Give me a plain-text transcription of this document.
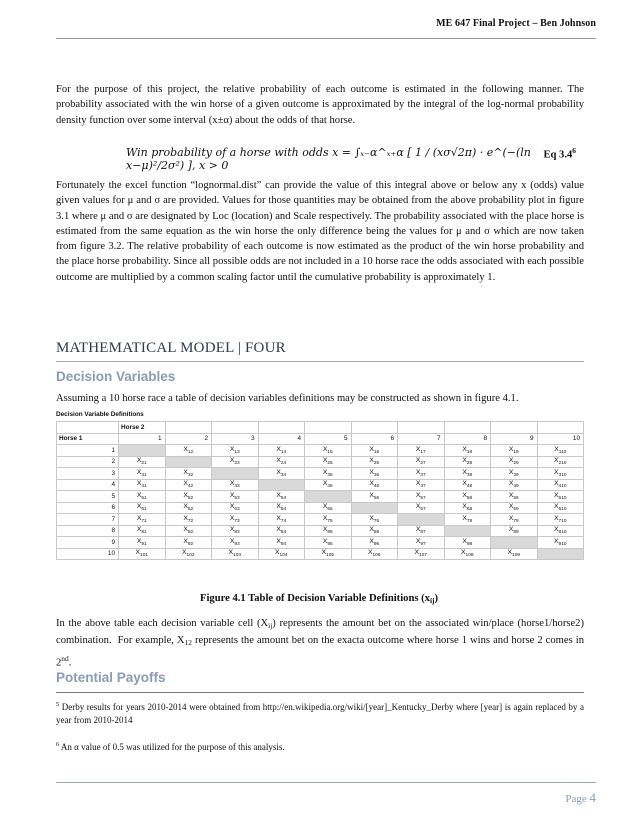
ME 647 Final Project – Ben Johnson

For the purpose of this project, the relative probability of each outcome is estimated in the following manner. The probability associated with the win horse of a given outcome is approximated by the integral of the log-normal probability density function over some interval (x±α) about the odds of that horse.

Win probability of a horse with odds x = ∫ₓ₋α^ₓ₊α [ 1 / (xσ√2π) · e^(−(ln x−μ)²/2σ²) ], x > 0
Eq $3.4^6$

Fortunately the excel function “lognormal.dist” can provide the value of this integral above or below any x (odds) value given values for μ and σ are provided. Values for those quantities may be obtained from the above probability plot in figure 3.1 where μ and σ are designated by Loc (location) and Scale respectively. The probability associated with the place horse is estimated from the same equation as the win horse the only difference being the values for μ and σ which are now taken from figure 3.2. The relative probability of each outcome is now estimated as the product of the win horse probability and the place horse probability. Since all possible odds are not included in a 10 horse race the odds associated with each possible outcome are multiplied by a common scaling factor until the cumulative probability is approximately 1.

MATHEMATICAL MODEL | FOUR
Decision Variables

Assuming a 10 horse race a table of decision variables definitions may be constructed as shown in figure 4.1.

Decision Variable Definitions
	Horse 2									
Horse 1	1	2	3	4	5	6	7	8	9	10
1		$X_{12}$	$X_{13}$	$X_{14}$	$X_{15}$	$X_{16}$	$X_{17}$	$X_{18}$	$X_{19}$	$X_{110}$
2	$X_{21}$		$X_{23}$	$X_{24}$	$X_{25}$	$X_{26}$	$X_{27}$	$X_{28}$	$X_{29}$	$X_{210}$
3	$X_{31}$	$X_{32}$		$X_{34}$	$X_{35}$	$X_{36}$	$X_{37}$	$X_{38}$	$X_{39}$	$X_{310}$
4	$X_{41}$	$X_{42}$	$X_{43}$		$X_{45}$	$X_{46}$	$X_{47}$	$X_{48}$	$X_{49}$	$X_{410}$
5	$X_{51}$	$X_{52}$	$X_{53}$	$X_{54}$		$X_{56}$	$X_{57}$	$X_{58}$	$X_{56}$	$X_{510}$
6	$X_{61}$	$X_{62}$	$X_{63}$	$X_{64}$	$X_{65}$		$X_{67}$	$X_{68}$	$X_{69}$	$X_{610}$
7	$X_{71}$	$X_{72}$	$X_{73}$	$X_{74}$	$X_{75}$	$X_{76}$		$X_{78}$	$X_{79}$	$X_{710}$
8	$X_{81}$	$X_{82}$	$X_{83}$	$X_{84}$	$X_{85}$	$X_{86}$	$X_{87}$		$X_{89}$	$X_{810}$
9	$X_{91}$	$X_{92}$	$X_{93}$	$X_{94}$	$X_{95}$	$X_{96}$	$X_{97}$	$X_{98}$		$X_{910}$
10	$X_{101}$	$X_{102}$	$X_{103}$	$X_{104}$	$X_{105}$	$X_{106}$	$X_{107}$	$X_{108}$	$X_{109}$	
Figure 4.1 Table of Decision Variable Definitions $(x_{ij})$

In the above table each decision variable cell $(X_{ij})$ represents the amount bet on the associated win/place (horse1/horse2) combination.  For example, $X_{12}$ represents the amount bet on the exacta outcome where horse 1 wins and horse 2 comes in 2nd.

Potential Payoffs

$^5$ Derby results for years 2010-2014 were obtained from http://en.wikipedia.org/wiki/[year]_Kentucky_Derby where [year] is again replaced by a year from 2010-2014

$^6$ An α value of 0.5 was utilized for the purpose of this analysis.

Page 4
